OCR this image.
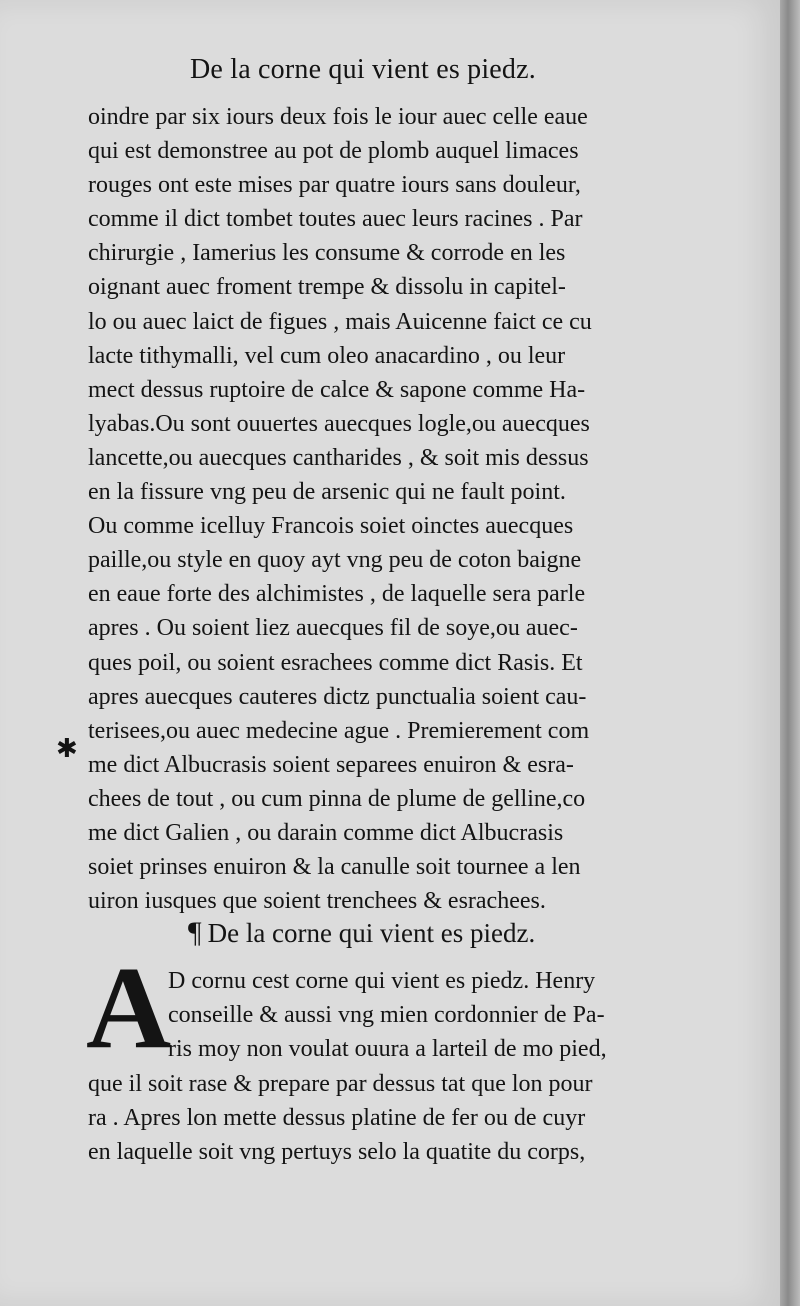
De la corne qui vient es piedz.
oindre par six iours deux fois le iour auec celle eaue
qui est demonstree au pot de plomb auquel limaces
rouges ont este mises par quatre iours sans douleur,
comme il dict tombet toutes auec leurs racines . Par
chirurgie , Iamerius les consume & corrode en les
oignant auec froment trempe & dissolu in capitel-
lo ou auec laict de figues , mais Auicenne faict ce cu
lacte tithymalli, vel cum oleo anacardino , ou leur
mect dessus ruptoire de calce & sapone comme Ha-
lyabas.Ou sont ouuertes auecques logle,ou auecques
lancette,ou auecques cantharides , & soit mis dessus
en la fissure vng peu de arsenic qui ne fault point.
Ou comme icelluy Francois soiet oinctes auecques
paille,ou style en quoy ayt vng peu de coton baigne
en eaue forte des alchimistes , de laquelle sera parle
apres . Ou soient liez auecques fil de soye,ou auec-
ques poil, ou soient esrachees comme dict Rasis. Et
apres auecques cauteres dictz punctualia soient cau-
terisees,ou auec medecine ague . Premierement com
me dict Albucrasis soient separees enuiron & esra-
chees de tout , ou cum pinna de plume de gelline,co
me dict Galien , ou darain comme dict Albucrasis
soiet prinses enuiron & la canulle soit tournee a len
uiron iusques que soient trenchees & esrachees.
✱
¶ De la corne qui vient es piedz.
A
D cornu cest corne qui vient es piedz. Henry
conseille & aussi vng mien cordonnier de Pa-
ris moy non voulat ouura a larteil de mo pied,
que il soit rase & prepare par dessus tat que lon pour
ra . Apres lon mette dessus platine de fer ou de cuyr
en laquelle soit vng pertuys selo la quatite du corps,
